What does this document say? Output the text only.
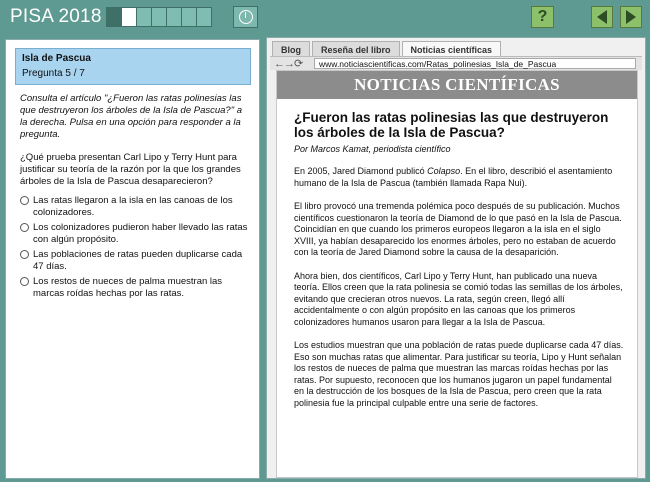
PISA 2018	?
Isla de Pascua
Pregunta 5 / 7
Consulta el artículo "¿Fueron las ratas polinesias las que destruyeron los árboles de la Isla de Pascua?" a la derecha. Pulsa en una opción para responder a la pregunta.
¿Qué prueba presentan Carl Lipo y Terry Hunt para justificar su teoría de la razón por la que los grandes árboles de la Isla de Pascua desaparecieron?
Las ratas llegaron a la isla en las canoas de los colonizadores.
Los colonizadores pudieron haber llevado las ratas con algún propósito.
Las poblaciones de ratas pueden duplicarse cada 47 días.
Los restos de nueces de palma muestran las marcas roídas hechas por las ratas.
Blog	Reseña del libro	Noticias científicas
←→⟳	www.noticiascientificas.com/Ratas_polinesias_Isla_de_Pascua
NOTICIAS CIENTÍFICAS
¿Fueron las ratas polinesias las que destruyeron los árboles de la Isla de Pascua?
Por Marcos Kamat, periodista científico
En 2005, Jared Diamond publicó Colapso. En el libro, describió el asentamiento humano de la Isla de Pascua (también llamada Rapa Nui).
El libro provocó una tremenda polémica poco después de su publicación. Muchos científicos cuestionaron la teoría de Diamond de lo que pasó en la Isla de Pascua. Coincidían en que cuando los primeros europeos llegaron a la isla en el siglo XVIII, ya habían desaparecido los enormes árboles, pero no estaban de acuerdo con la teoría de Jared Diamond sobre la causa de la desaparición.
Ahora bien, dos científicos, Carl Lipo y Terry Hunt, han publicado una nueva teoría. Ellos creen que la rata polinesia se comió todas las semillas de los árboles, evitando que crecieran otros nuevos. La rata, según creen, llegó allí accidentalmente o con algún propósito en las canoas que los primeros colonizadores humanos usaron para llegar a la Isla de Pascua.
Los estudios muestran que una población de ratas puede duplicarse cada 47 días. Eso son muchas ratas que alimentar. Para justificar su teoría, Lipo y Hunt señalan los restos de nueces de palma que muestran las marcas roídas hechas por las ratas. Por supuesto, reconocen que los humanos jugaron un papel fundamental en la destrucción de los bosques de la Isla de Pascua, pero creen que la rata polinesia fue la principal culpable entre una serie de factores.
